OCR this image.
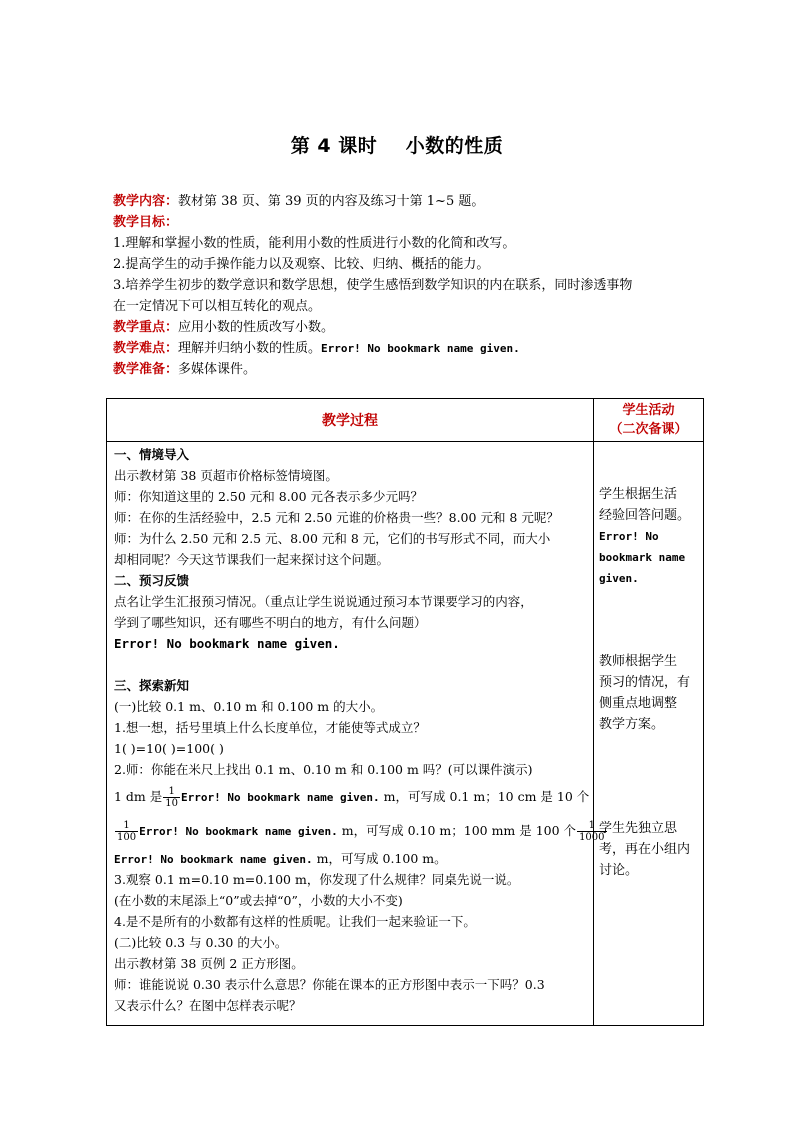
第 4 课时    小数的性质
教学内容：教材第 38 页、第 39 页的内容及练习十第 1~5 题。
教学目标：
1.理解和掌握小数的性质，能利用小数的性质进行小数的化简和改写。
2.提高学生的动手操作能力以及观察、比较、归纳、概括的能力。
3.培养学生初步的数学意识和数学思想，使学生感悟到数学知识的内在联系，同时渗透事物
在一定情况下可以相互转化的观点。
教学重点：应用小数的性质改写小数。
教学难点：理解并归纳小数的性质。Error! No bookmark name given.
教学准备：多媒体课件。
教学过程
学生活动
（二次备课）
一、情境导入
出示教材第 38 页超市价格标签情境图。
师：你知道这里的 2.50 元和 8.00 元各表示多少元吗？
师：在你的生活经验中，2.5 元和 2.50 元谁的价格贵一些？8.00 元和 8 元呢？
师：为什么 2.50 元和 2.5 元、8.00 元和 8 元，它们的书写形式不同，而大小
却相同呢？今天这节课我们一起来探讨这个问题。
二、预习反馈
点名让学生汇报预习情况。（重点让学生说说通过预习本节课要学习的内容，
学到了哪些知识，还有哪些不明白的地方，有什么问题）
Error! No bookmark name given.
三、探索新知
(一)比较 0.1 m、0.10 m 和 0.100 m 的大小。
1.想一想，括号里填上什么长度单位，才能使等式成立？
1( )=10( )=100( )
2.师：你能在米尺上找出 0.1 m、0.10 m 和 0.100 m 吗？(可以课件演示)
1 dm 是 $\frac{1}{10}$ Error! No bookmark name given. m，可写成 0.1 m；10 cm 是 10 个
$\frac{1}{100}$ Error! No bookmark name given. m，可写成 0.10 m；100 mm 是 100 个 $\frac{1}{1000}$
Error! No bookmark name given. m，可写成 0.100 m。
3.观察 0.1 m=0.10 m=0.100 m，你发现了什么规律？同桌先说一说。
(在小数的末尾添上“0”或去掉“0”，小数的大小不变)
4.是不是所有的小数都有这样的性质呢。让我们一起来验证一下。
(二)比较 0.3 与 0.30 的大小。
出示教材第 38 页例 2 正方形图。
师：谁能说说 0.30 表示什么意思？你能在课本的正方形图中表示一下吗？0.3
又表示什么？在图中怎样表示呢？
学生根据生活
经验回答问题。
Error! No
bookmark name
given.
教师根据学生
预习的情况，有
侧重点地调整
教学方案。
学生先独立思
考，再在小组内
讨论。
